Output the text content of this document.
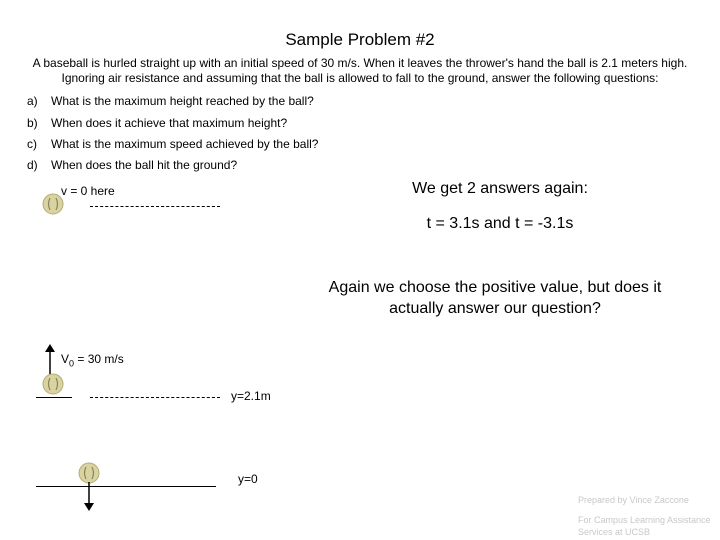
Sample Problem #2
A baseball is hurled straight up with an initial speed of 30 m/s. When it leaves the thrower's hand the ball is 2.1 meters high. Ignoring air resistance and assuming that the ball is allowed to fall to the ground, answer the following questions:
a) What is the maximum height reached by the ball?
b) When does it achieve that maximum height?
c) What is the maximum speed achieved by the ball?
d) When does the ball hit the ground?
v = 0 here	We get 2 answers again:
t = 3.1s and t = -3.1s
Again we choose the positive value, but does it actually answer our question?
$V_0 = 30$ m/s
y=2.1m
y=0
Prepared by Vince Zaccone
For Campus Learning Assistance Services at UCSB
